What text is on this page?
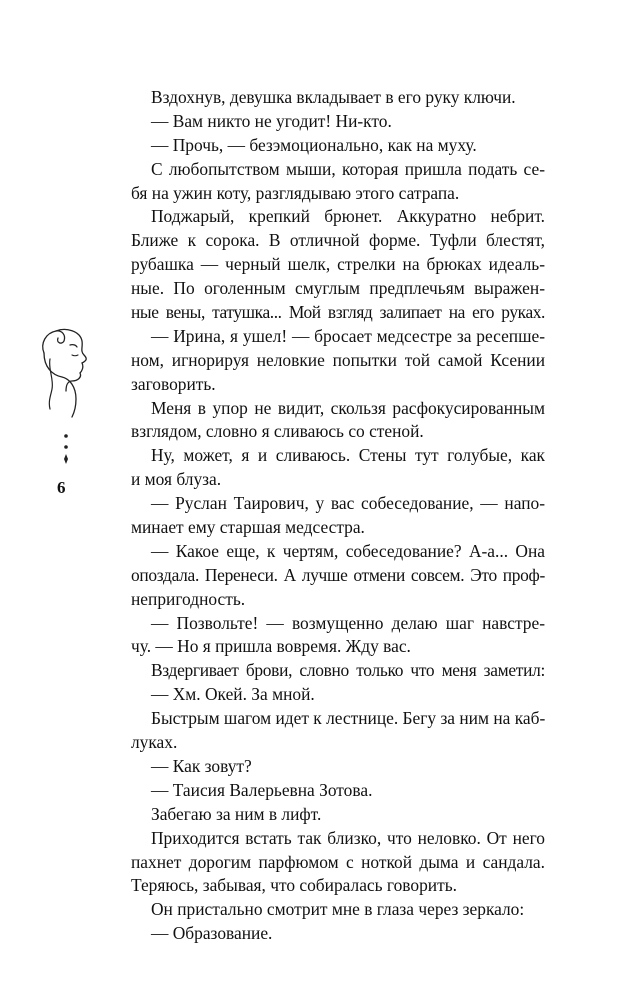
6
Вздохнув, девушка вкладывает в его руку ключи.
— Вам никто не угодит! Ни-кто.
— Прочь, — безэмоционально, как на муху.
С любопытством мыши, которая пришла подать се-
бя на ужин коту, разглядываю этого сатрапа.
Поджарый, крепкий брюнет. Аккуратно небрит.
Ближе к сорока. В отличной форме. Туфли блестят,
рубашка — черный шелк, стрелки на брюках идеаль-
ные. По оголенным смуглым предплечьям выражен-
ные вены, татушка... Мой взгляд залипает на его руках.
— Ирина, я ушел! — бросает медсестре за ресепше-
ном, игнорируя неловкие попытки той самой Ксении
заговорить.
Меня в упор не видит, скользя расфокусированным
взглядом, словно я сливаюсь со стеной.
Ну, может, я и сливаюсь. Стены тут голубые, как
и моя блуза.
— Руслан Таирович, у вас собеседование, — напо-
минает ему старшая медсестра.
— Какое еще, к чертям, собеседование? А-а... Она
опоздала. Перенеси. А лучше отмени совсем. Это проф-
непригодность.
— Позвольте! — возмущенно делаю шаг навстре-
чу. — Но я пришла вовремя. Жду вас.
Вздергивает брови, словно только что меня заметил:
— Хм. Окей. За мной.
Быстрым шагом идет к лестнице. Бегу за ним на каб-
луках.
— Как зовут?
— Таисия Валерьевна Зотова.
Забегаю за ним в лифт.
Приходится встать так близко, что неловко. От него
пахнет дорогим парфюмом с ноткой дыма и сандала.
Теряюсь, забывая, что собиралась говорить.
Он пристально смотрит мне в глаза через зеркало:
— Образование.
